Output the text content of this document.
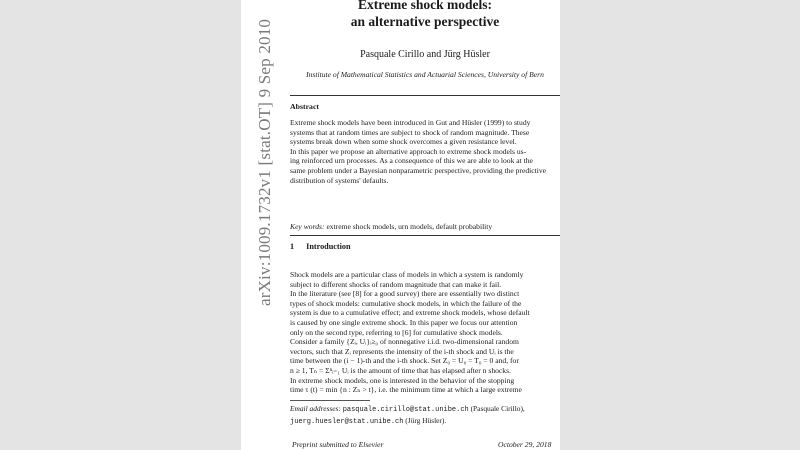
arXiv:1009.1732v1 [stat.OT] 9 Sep 2010
Extreme shock models:
an alternative perspective
Pasquale Cirillo and Jürg Hüsler
Institute of Mathematical Statistics and Actuarial Sciences, University of Bern
Abstract
Extreme shock models have been introduced in Gut and Hüsler (1999) to study
systems that at random times are subject to shock of random magnitude. These
systems break down when some shock overcomes a given resistance level.
In this paper we propose an alternative approach to extreme shock models us-
ing reinforced urn processes. As a consequence of this we are able to look at the
same problem under a Bayesian nonparametric perspective, providing the predictive
distribution of systems' defaults.
Key words: extreme shock models, urn models, default probability
1 Introduction
Shock models are a particular class of models in which a system is randomly
subject to different shocks of random magnitude that can make it fail.
In the literature (see [8] for a good survey) there are essentially two distinct
types of shock models: cumulative shock models, in which the failure of the
system is due to a cumulative effect; and extreme shock models, whose default
is caused by one single extreme shock. In this paper we focus our attention
only on the second type, referring to [6] for cumulative shock models.
Consider a family {Zᵢ, Uᵢ}ᵢ≥₀ of nonnegative i.i.d. two-dimensional random
vectors, such that Zᵢ represents the intensity of the i-th shock and Uᵢ is the
time between the (i − 1)-th and the i-th shock. Set Z₀ = U₀ = T₀ = 0 and, for
n ≥ 1, Tₙ = Σⁿᵢ₌₁ Uᵢ is the amount of time that has elapsed after n shocks.
In extreme shock models, one is interested in the behavior of the stopping
time τ (t) = min {n : Zₙ > t}, i.e. the minimum time at which a large extreme
Email addresses: pasquale.cirillo@stat.unibe.ch (Pasquale Cirillo),
juerg.huesler@stat.unibe.ch (Jürg Hüsler).
Preprint submitted to Elsevier	October 29, 2018
